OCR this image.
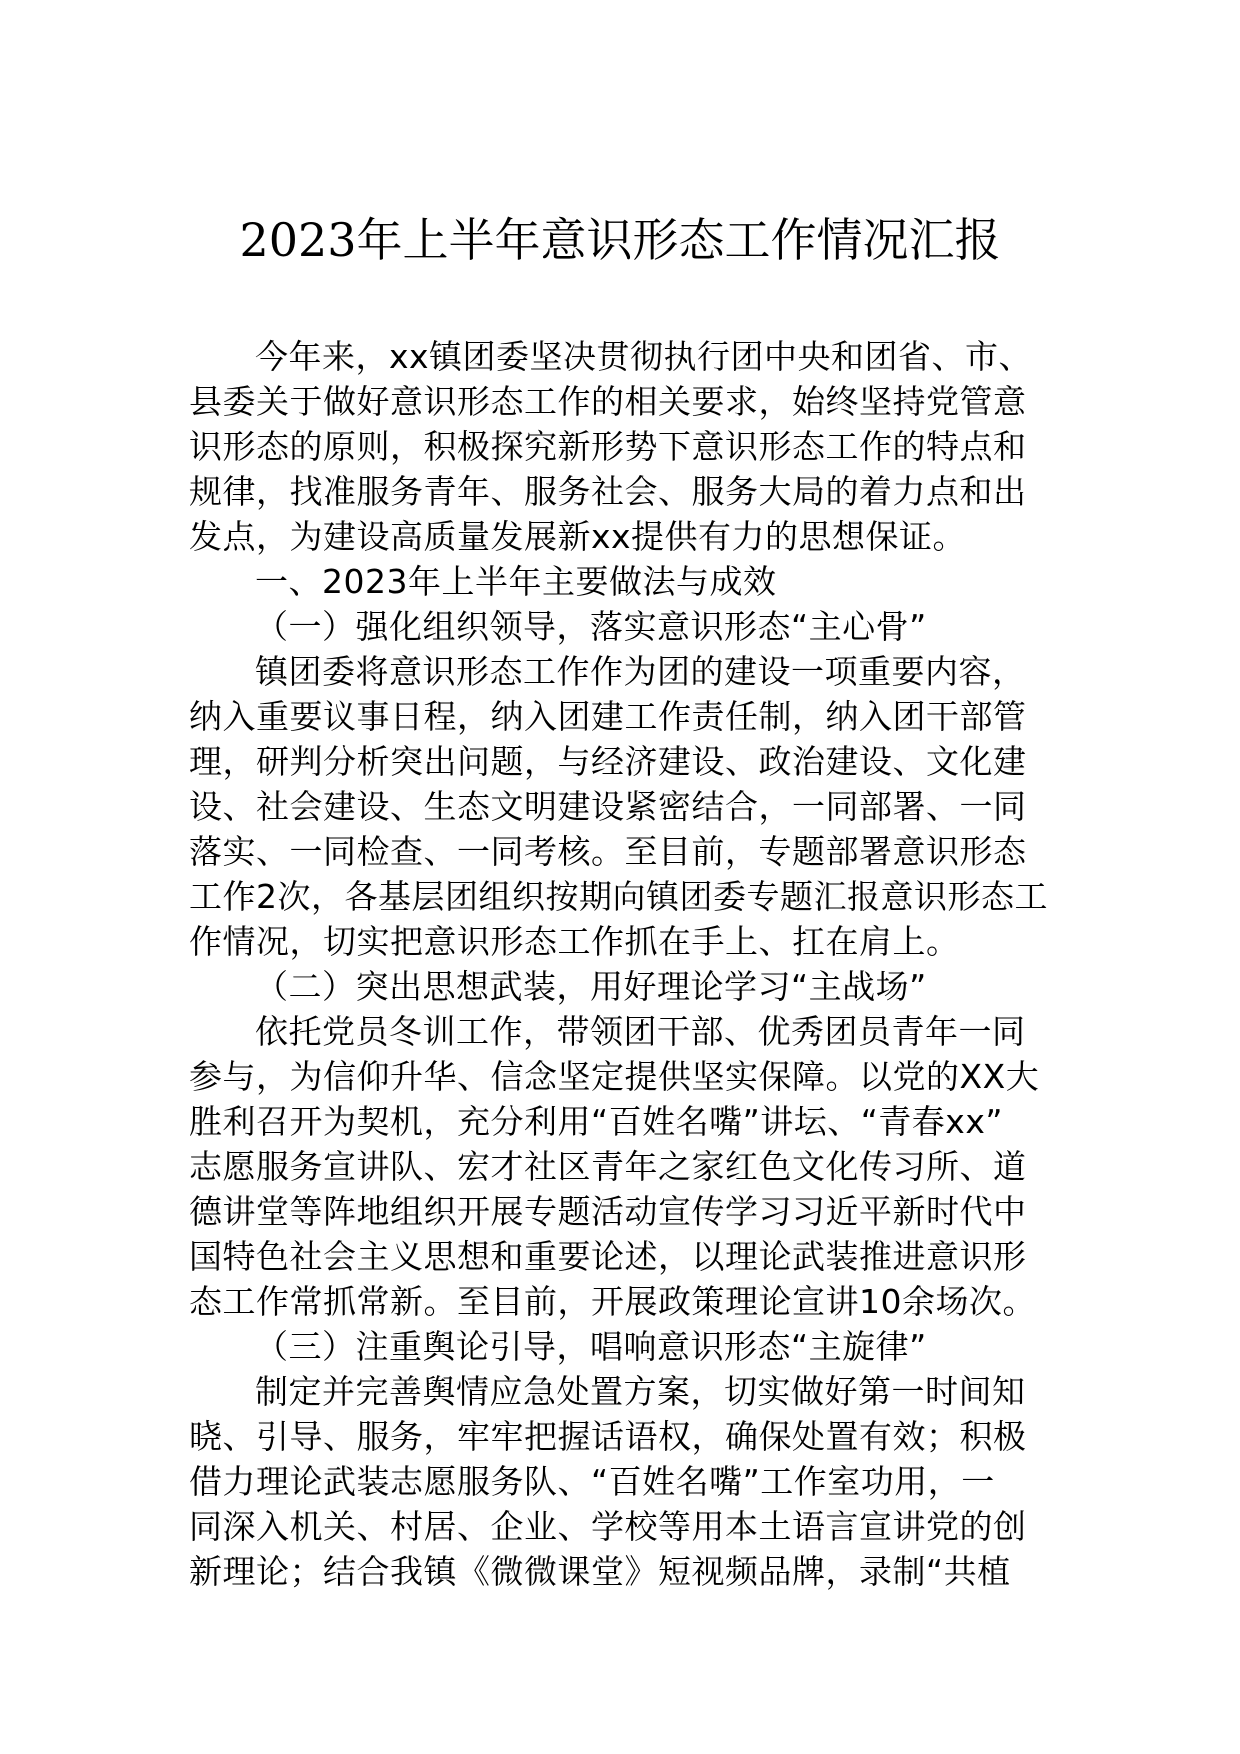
2023年上半年意识形态工作情况汇报
今年来，xx镇团委坚决贯彻执行团中央和团省、市、
县委关于做好意识形态工作的相关要求，始终坚持党管意
识形态的原则，积极探究新形势下意识形态工作的特点和
规律，找准服务青年、服务社会、服务大局的着力点和出
发点，为建设高质量发展新xx提供有力的思想保证。
一、2023年上半年主要做法与成效
（一）强化组织领导，落实意识形态“主心骨”
镇团委将意识形态工作作为团的建设一项重要内容，
纳入重要议事日程，纳入团建工作责任制，纳入团干部管
理，研判分析突出问题，与经济建设、政治建设、文化建
设、社会建设、生态文明建设紧密结合，一同部署、一同
落实、一同检查、一同考核。至目前，专题部署意识形态
工作2次，各基层团组织按期向镇团委专题汇报意识形态工
作情况，切实把意识形态工作抓在手上、扛在肩上。
（二）突出思想武装，用好理论学习“主战场”
依托党员冬训工作，带领团干部、优秀团员青年一同
参与，为信仰升华、信念坚定提供坚实保障。以党的XX大
胜利召开为契机，充分利用“百姓名嘴”讲坛、“青春xx”
志愿服务宣讲队、宏才社区青年之家红色文化传习所、道
德讲堂等阵地组织开展专题活动宣传学习习近平新时代中
国特色社会主义思想和重要论述，以理论武装推进意识形
态工作常抓常新。至目前，开展政策理论宣讲10余场次。
（三）注重舆论引导，唱响意识形态“主旋律”
制定并完善舆情应急处置方案，切实做好第一时间知
晓、引导、服务，牢牢把握话语权，确保处置有效；积极
借力理论武装志愿服务队、“百姓名嘴”工作室功用，一
同深入机关、村居、企业、学校等用本土语言宣讲党的创
新理论；结合我镇《微微课堂》短视频品牌，录制“共植
